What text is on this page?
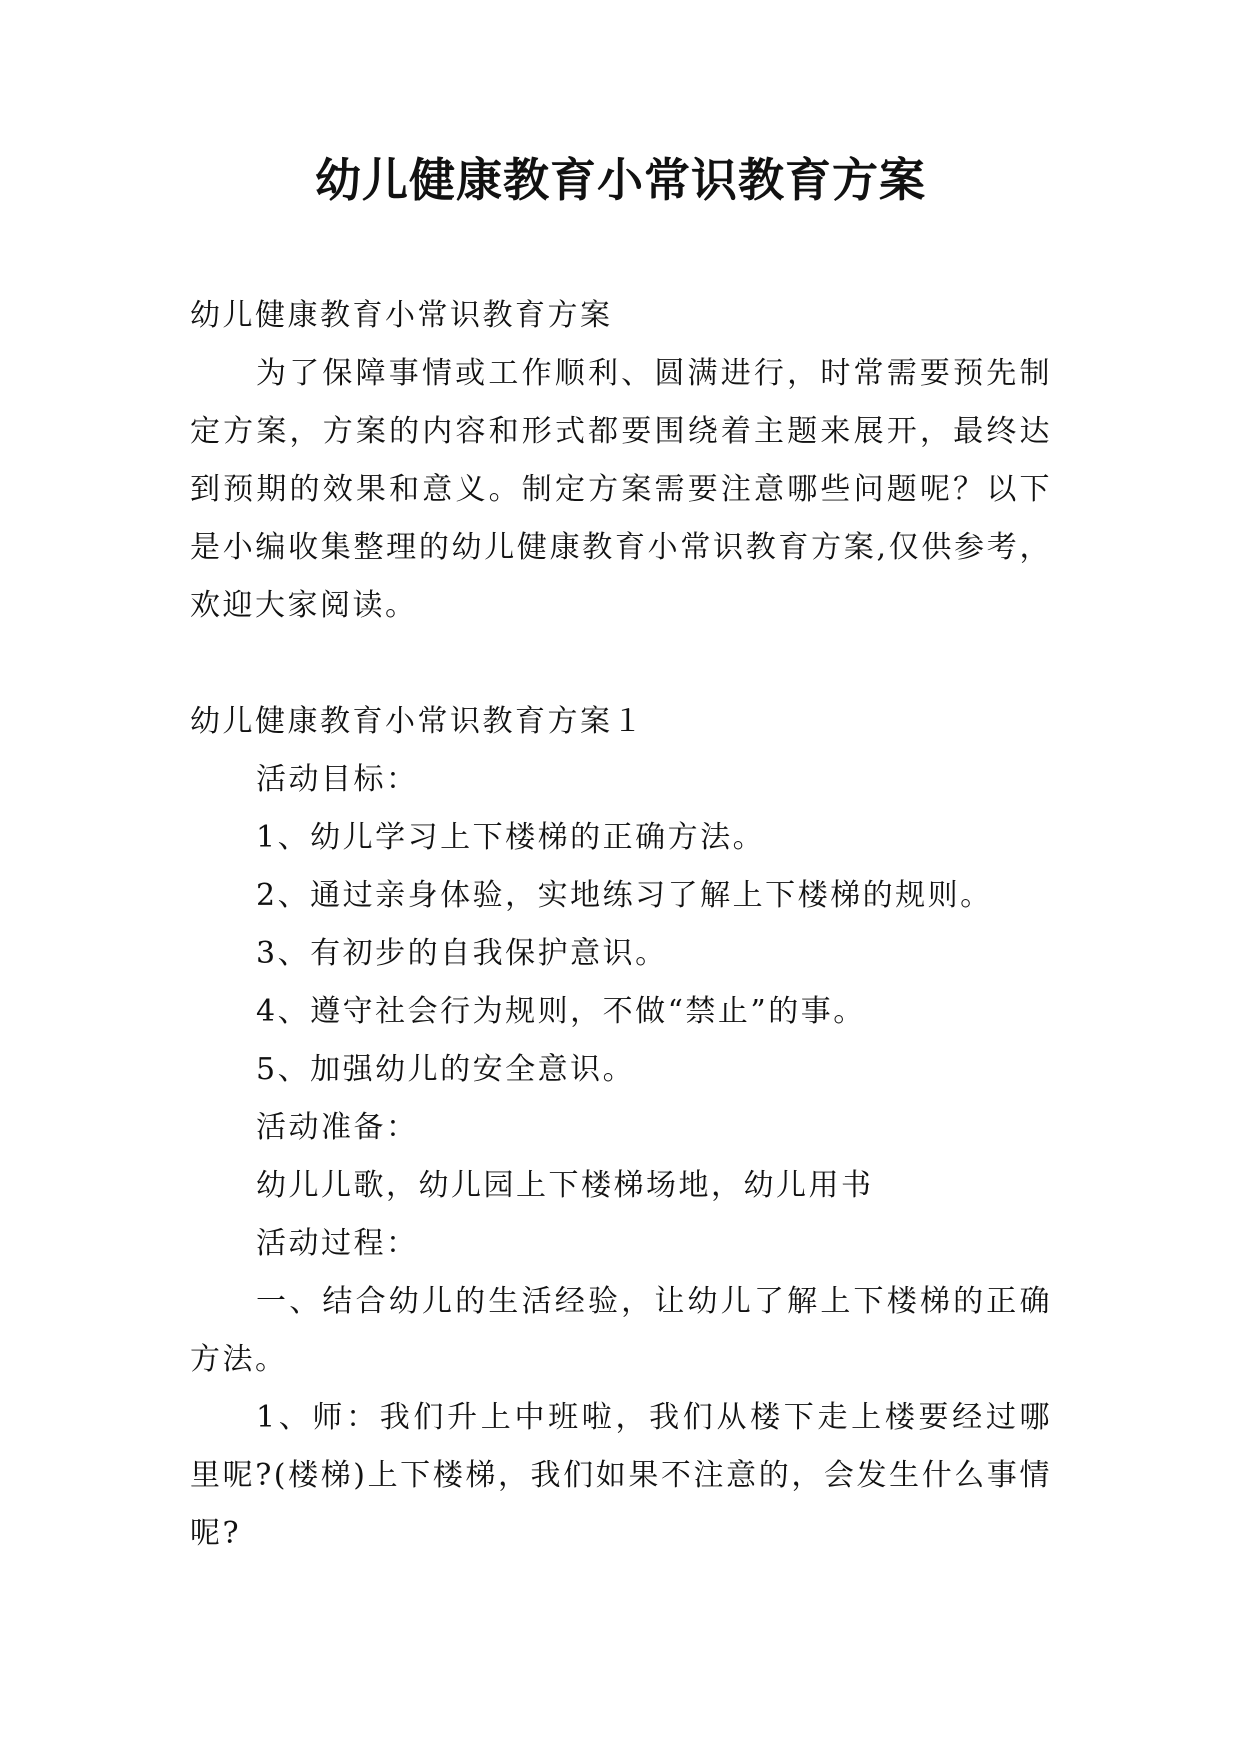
幼儿健康教育小常识教育方案

幼儿健康教育小常识教育方案

为了保障事情或工作顺利、圆满进行，时常需要预先制定方案，方案的内容和形式都要围绕着主题来展开，最终达到预期的效果和意义。制定方案需要注意哪些问题呢？以下是小编收集整理的幼儿健康教育小常识教育方案,仅供参考，欢迎大家阅读。

幼儿健康教育小常识教育方案１

活动目标：

1、幼儿学习上下楼梯的正确方法。

2、通过亲身体验，实地练习了解上下楼梯的规则。

3、有初步的自我保护意识。

4、遵守社会行为规则，不做“禁止”的事。

5、加强幼儿的安全意识。

活动准备：

幼儿儿歌，幼儿园上下楼梯场地，幼儿用书

活动过程：

一、结合幼儿的生活经验，让幼儿了解上下楼梯的正确方法。

1、师：我们升上中班啦，我们从楼下走上楼要经过哪里呢?(楼梯)上下楼梯，我们如果不注意的，会发生什么事情呢?
